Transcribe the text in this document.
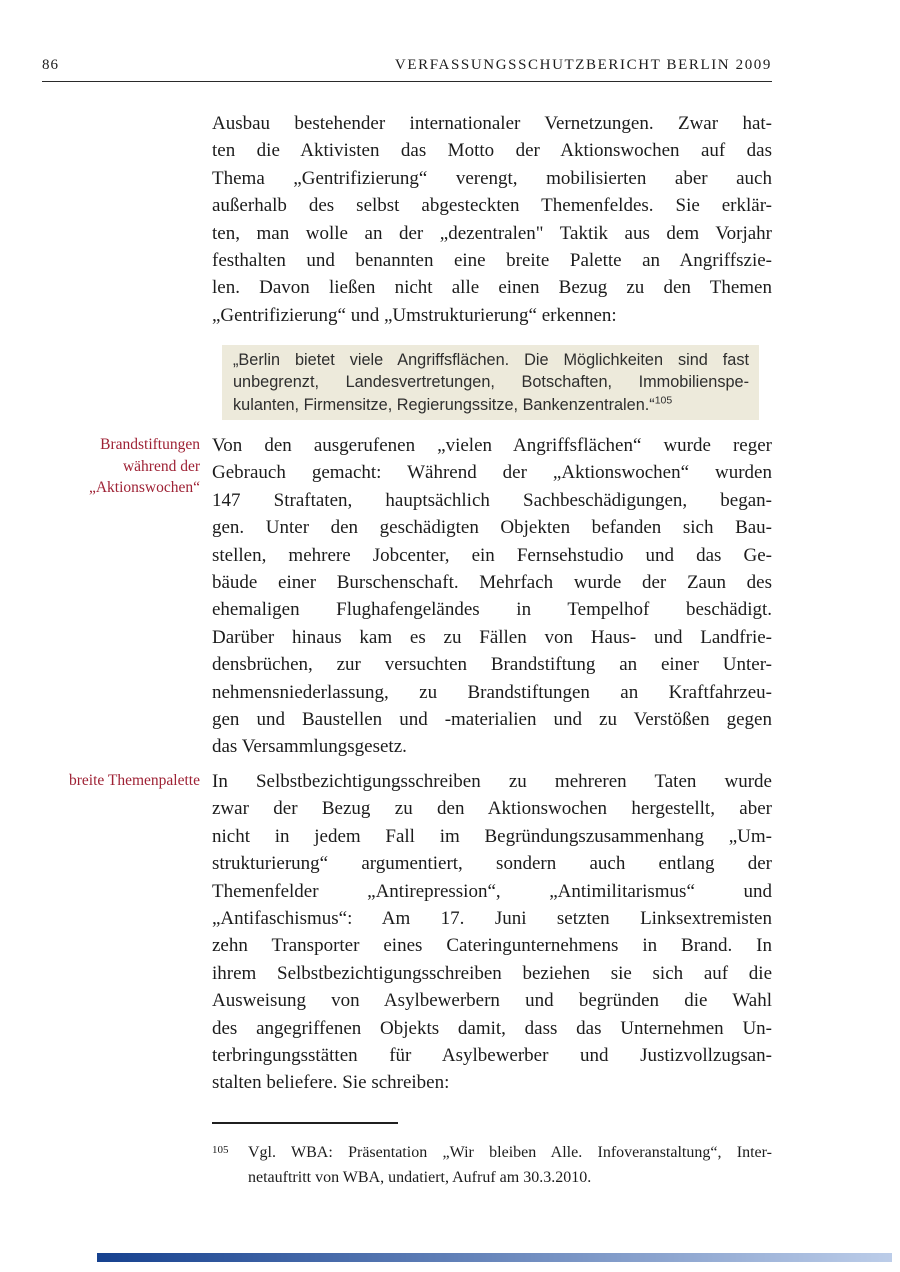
86	VERFASSUNGSSCHUTZBERICHT BERLIN 2009
Ausbau bestehender internationaler Vernetzungen. Zwar hat-
ten die Aktivisten das Motto der Aktionswochen auf das
Thema „Gentrifizierung“ verengt, mobilisierten aber auch
außerhalb des selbst abgesteckten Themenfeldes. Sie erklär-
ten, man wolle an der „dezentralen" Taktik aus dem Vorjahr
festhalten und benannten eine breite Palette an Angriffszie-
len. Davon ließen nicht alle einen Bezug zu den Themen
„Gentrifizierung“ und „Umstrukturierung“ erkennen:
„Berlin bietet viele Angriffsflächen. Die Möglichkeiten sind fast
unbegrenzt, Landesvertretungen, Botschaften, Immobilienspe-
kulanten, Firmensitze, Regierungssitze, Bankenzentralen.“$^{105}$
Brandstiftungen
während der
„Aktionswochen“
Von den ausgerufenen „vielen Angriffsflächen“ wurde reger
Gebrauch gemacht: Während der „Aktionswochen“ wurden
147 Straftaten, hauptsächlich Sachbeschädigungen, began-
gen. Unter den geschädigten Objekten befanden sich Bau-
stellen, mehrere Jobcenter, ein Fernsehstudio und das Ge-
bäude einer Burschenschaft. Mehrfach wurde der Zaun des
ehemaligen Flughafengeländes in Tempelhof beschädigt.
Darüber hinaus kam es zu Fällen von Haus- und Landfrie-
densbrüchen, zur versuchten Brandstiftung an einer Unter-
nehmensniederlassung, zu Brandstiftungen an Kraftfahrzeu-
gen und Baustellen und -materialien und zu Verstößen gegen
das Versammlungsgesetz.
breite Themenpalette In Selbstbezichtigungsschreiben zu mehreren Taten wurde
zwar der Bezug zu den Aktionswochen hergestellt, aber
nicht in jedem Fall im Begründungszusammenhang „Um-
strukturierung“ argumentiert, sondern auch entlang der
Themenfelder „Antirepression“, „Antimilitarismus“ und
„Antifaschismus“: Am 17. Juni setzten Linksextremisten
zehn Transporter eines Cateringunternehmens in Brand. In
ihrem Selbstbezichtigungsschreiben beziehen sie sich auf die
Ausweisung von Asylbewerbern und begründen die Wahl
des angegriffenen Objekts damit, dass das Unternehmen Un-
terbringungsstätten für Asylbewerber und Justizvollzugsan-
stalten beliefere. Sie schreiben:
105 Vgl. WBA: Präsentation „Wir bleiben Alle. Infoveranstaltung“, Inter-
netauftritt von WBA, undatiert, Aufruf am 30.3.2010.
